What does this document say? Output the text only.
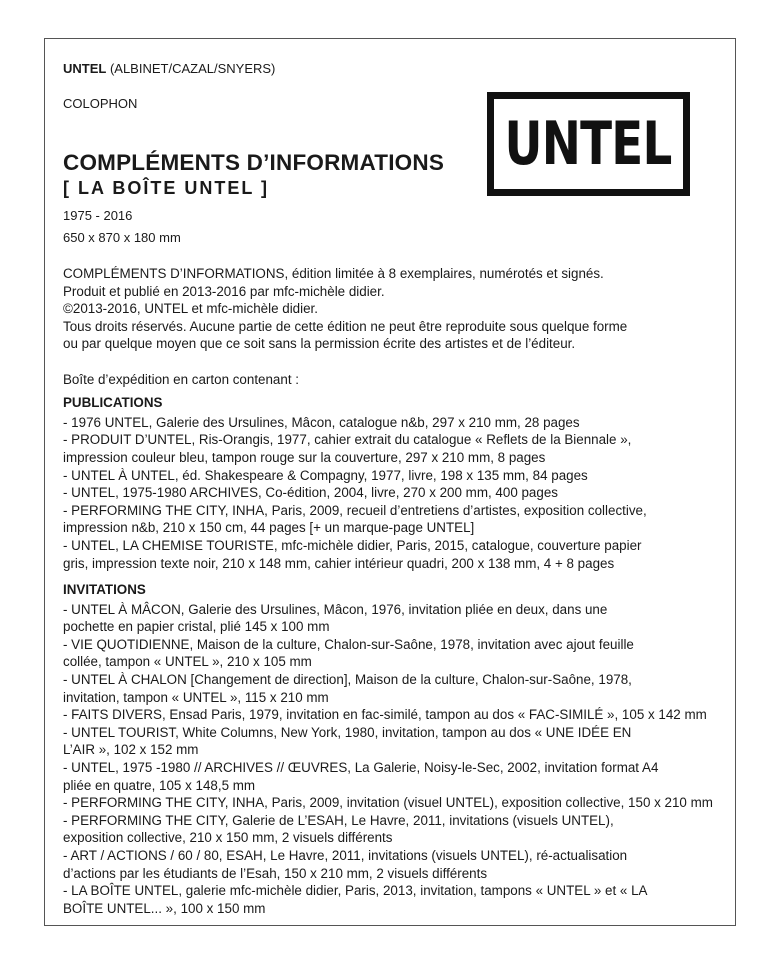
UNTEL (ALBINET/CAZAL/SNYERS)
COLOPHON
UNTEL
COMPLÉMENTS D’INFORMATIONS
[ LA BOÎTE UNTEL ]
1975 - 2016
650 x 870 x 180 mm

COMPLÉMENTS D’INFORMATIONS, édition limitée à 8 exemplaires, numérotés et signés.

Produit et publié en 2013-2016 par mfc-michèle didier.

©2013-2016, UNTEL et mfc-michèle didier.

Tous droits réservés. Aucune partie de cette édition ne peut être reproduite sous quelque forme

ou par quelque moyen que ce soit sans la permission écrite des artistes et de l’éditeur.

Boîte d’expédition en carton contenant :

PUBLICATIONS
- 1976 UNTEL, Galerie des Ursulines, Mâcon, catalogue n&b, 297 x 210 mm, 28 pages
- PRODUIT D’UNTEL, Ris-Orangis, 1977, cahier extrait du catalogue « Reflets de la Biennale »,
impression couleur bleu, tampon rouge sur la couverture, 297 x 210 mm, 8 pages
- UNTEL À UNTEL, éd. Shakespeare & Compagny, 1977, livre, 198 x 135 mm, 84 pages
- UNTEL, 1975-1980 ARCHIVES, Co-édition, 2004, livre, 270 x 200 mm, 400 pages
- PERFORMING THE CITY, INHA, Paris, 2009, recueil d’entretiens d’artistes, exposition collective,
impression n&b, 210 x 150 cm, 44 pages [+ un marque-page UNTEL]
- UNTEL, LA CHEMISE TOURISTE, mfc-michèle didier, Paris, 2015, catalogue, couverture papier
gris, impression texte noir, 210 x 148 mm, cahier intérieur quadri, 200 x 138 mm, 4 + 8 pages
INVITATIONS
- UNTEL À MÂCON, Galerie des Ursulines, Mâcon, 1976, invitation pliée en deux, dans une
pochette en papier cristal, plié 145 x 100 mm
- VIE QUOTIDIENNE, Maison de la culture, Chalon-sur-Saône, 1978, invitation avec ajout feuille
collée, tampon « UNTEL », 210 x 105 mm
- UNTEL À CHALON [Changement de direction], Maison de la culture, Chalon-sur-Saône, 1978,
invitation, tampon « UNTEL », 115 x 210 mm
- FAITS DIVERS, Ensad Paris, 1979, invitation en fac-similé, tampon au dos « FAC-SIMILÉ », 105 x 142 mm
- UNTEL TOURIST, White Columns, New York, 1980, invitation, tampon au dos « UNE IDÉE EN
L’AIR », 102 x 152 mm
- UNTEL, 1975 -1980 // ARCHIVES // ŒUVRES, La Galerie, Noisy-le-Sec, 2002, invitation format A4
pliée en quatre, 105 x 148,5 mm
- PERFORMING THE CITY, INHA, Paris, 2009, invitation (visuel UNTEL), exposition collective, 150 x 210 mm
- PERFORMING THE CITY, Galerie de L’ESAH, Le Havre, 2011, invitations (visuels UNTEL),
exposition collective, 210 x 150 mm, 2 visuels différents
- ART / ACTIONS / 60 / 80, ESAH, Le Havre, 2011, invitations (visuels UNTEL), ré-actualisation
d’actions par les étudiants de l’Esah, 150 x 210 mm, 2 visuels différents
- LA BOÎTE UNTEL, galerie mfc-michèle didier, Paris, 2013, invitation, tampons « UNTEL » et « LA
BOÎTE UNTEL... », 100 x 150 mm
